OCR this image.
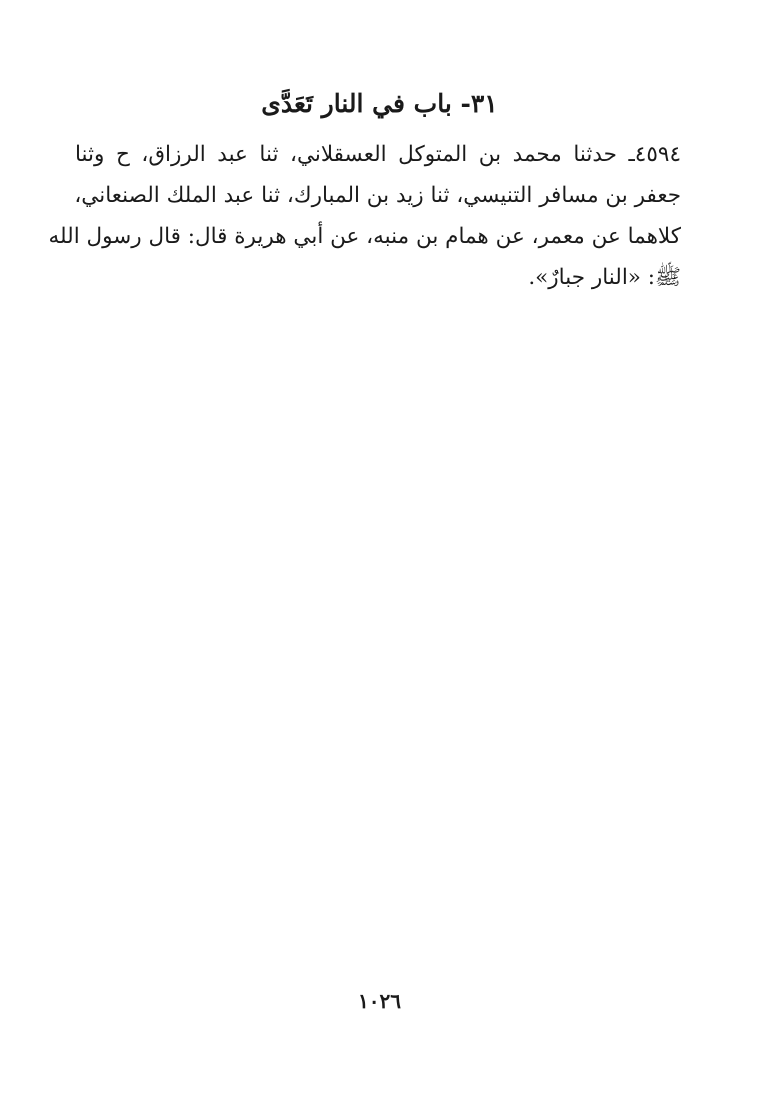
٣١- باب في النار تَعَدَّى

٤٥٩٤ـ حدثنا محمد بن المتوكل العسقلاني، ثنا عبد الرزاق، ح وثنا

جعفر بن مسافر التنيسي، ثنا زيد بن المبارك، ثنا عبد الملك الصنعاني،

كلاهما عن معمر، عن همام بن منبه، عن أبي هريرة قال: قال رسول الله

ﷺ: «النار جبارٌ».

١٠٢٦
